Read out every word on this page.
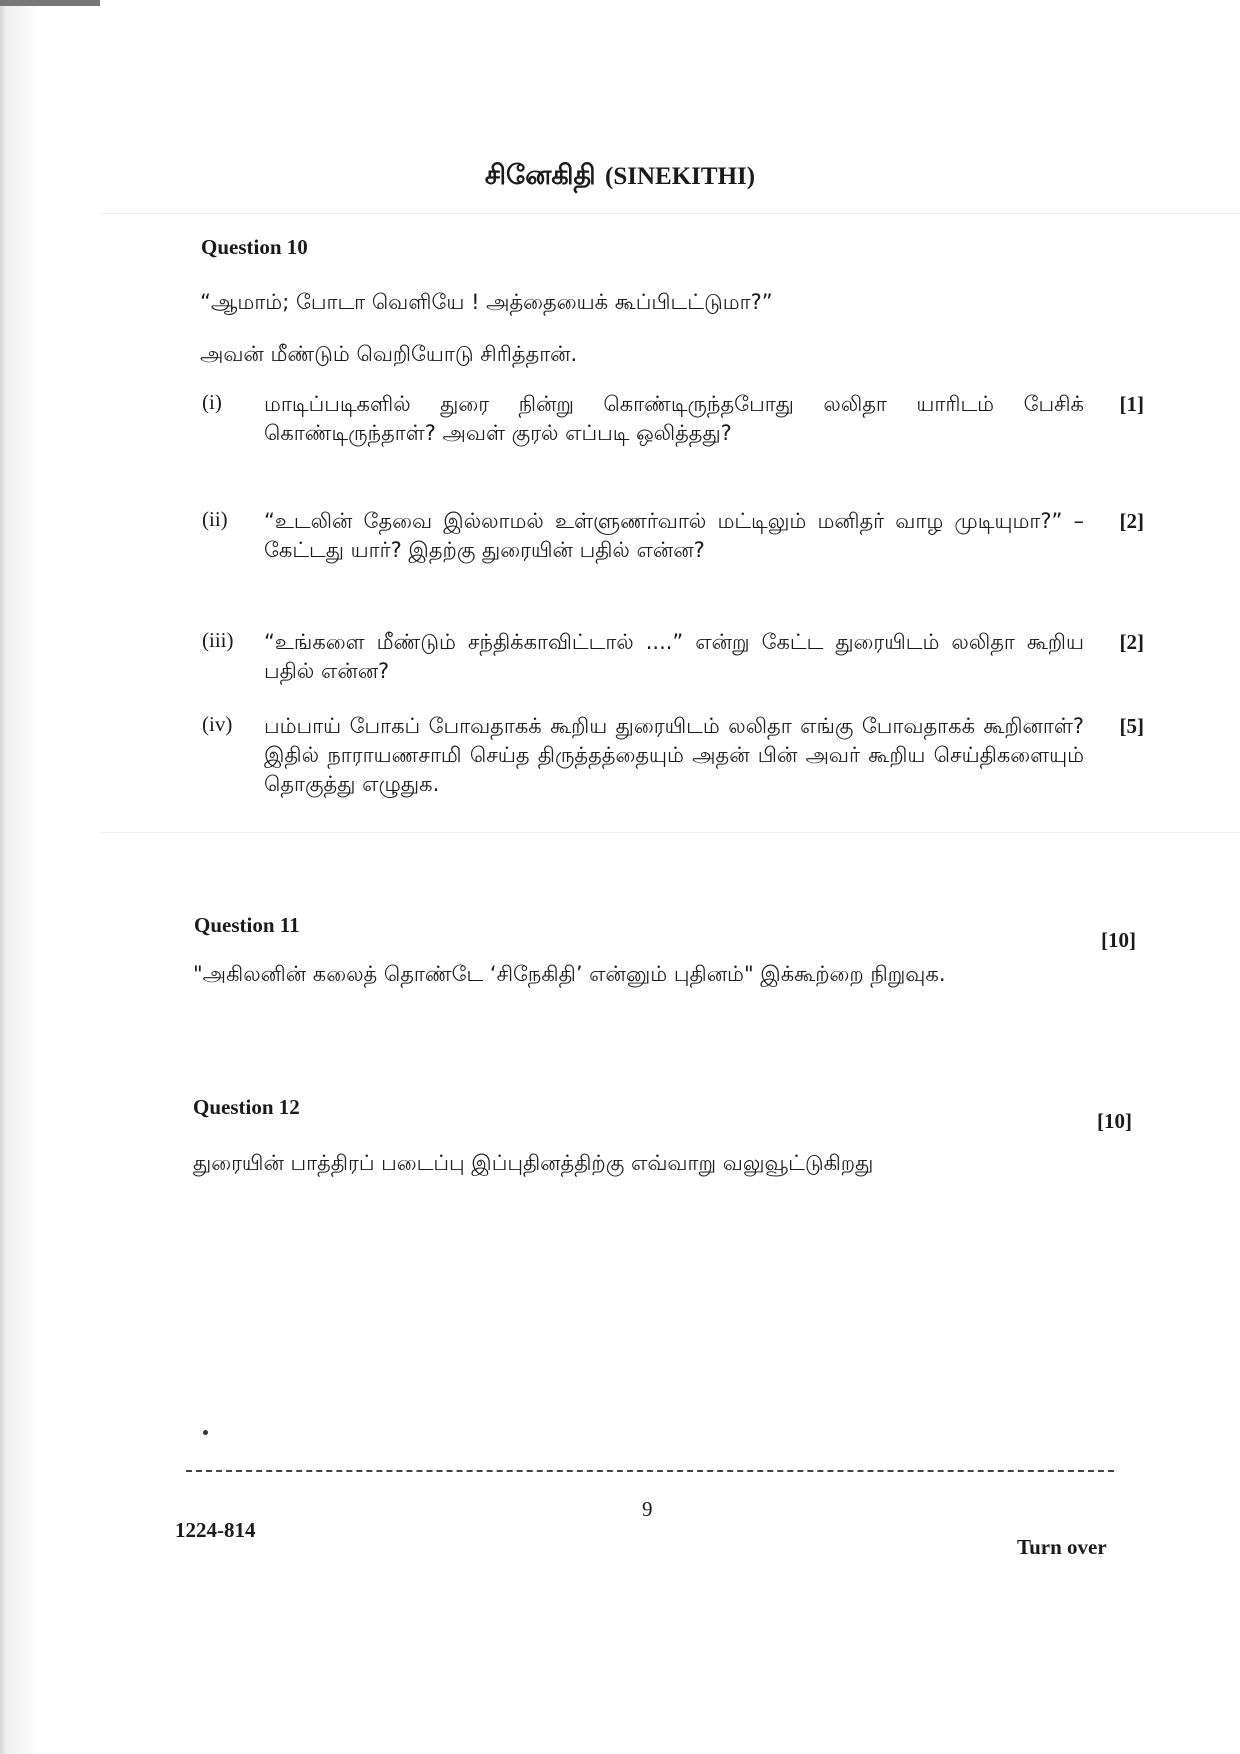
சினேகிதி (SINEKITHI)
Question 10
“ஆமாம்; போடா வெளியே ! அத்தையைக் கூப்பிடட்டுமா?”
அவன் மீண்டும் வெறியோடு சிரித்தான்.
(i) மாடிப்படிகளில் துரை நின்று கொண்டிருந்தபோது லலிதா யாரிடம் பேசிக் கொண்டிருந்தாள்? அவள் குரல் எப்படி ஒலித்தது?
[1]
(ii) “உடலின் தேவை இல்லாமல் உள்ளுணர்வால் மட்டிலும் மனிதர் வாழ முடியுமா?” – கேட்டது யார்? இதற்கு துரையின் பதில் என்ன?
[2]
(iii) “உங்களை மீண்டும் சந்திக்காவிட்டால் ....” என்று கேட்ட துரையிடம் லலிதா கூறிய பதில் என்ன?
[2]
(iv) பம்பாய் போகப் போவதாகக் கூறிய துரையிடம் லலிதா எங்கு போவதாகக் கூறினாள்? இதில் நாராயணசாமி செய்த திருத்தத்தையும் அதன் பின் அவர் கூறிய செய்திகளையும் தொகுத்து எழுதுக.
[5]
Question 11
[10]
"அகிலனின் கலைத் தொண்டே ‘சிநேகிதி’ என்னும் புதினம்" இக்கூற்றை நிறுவுக.
Question 12
[10]
துரையின் பாத்திரப் படைப்பு இப்புதினத்திற்கு எவ்வாறு வலுவூட்டுகிறது
9
1224-814
Turn over
